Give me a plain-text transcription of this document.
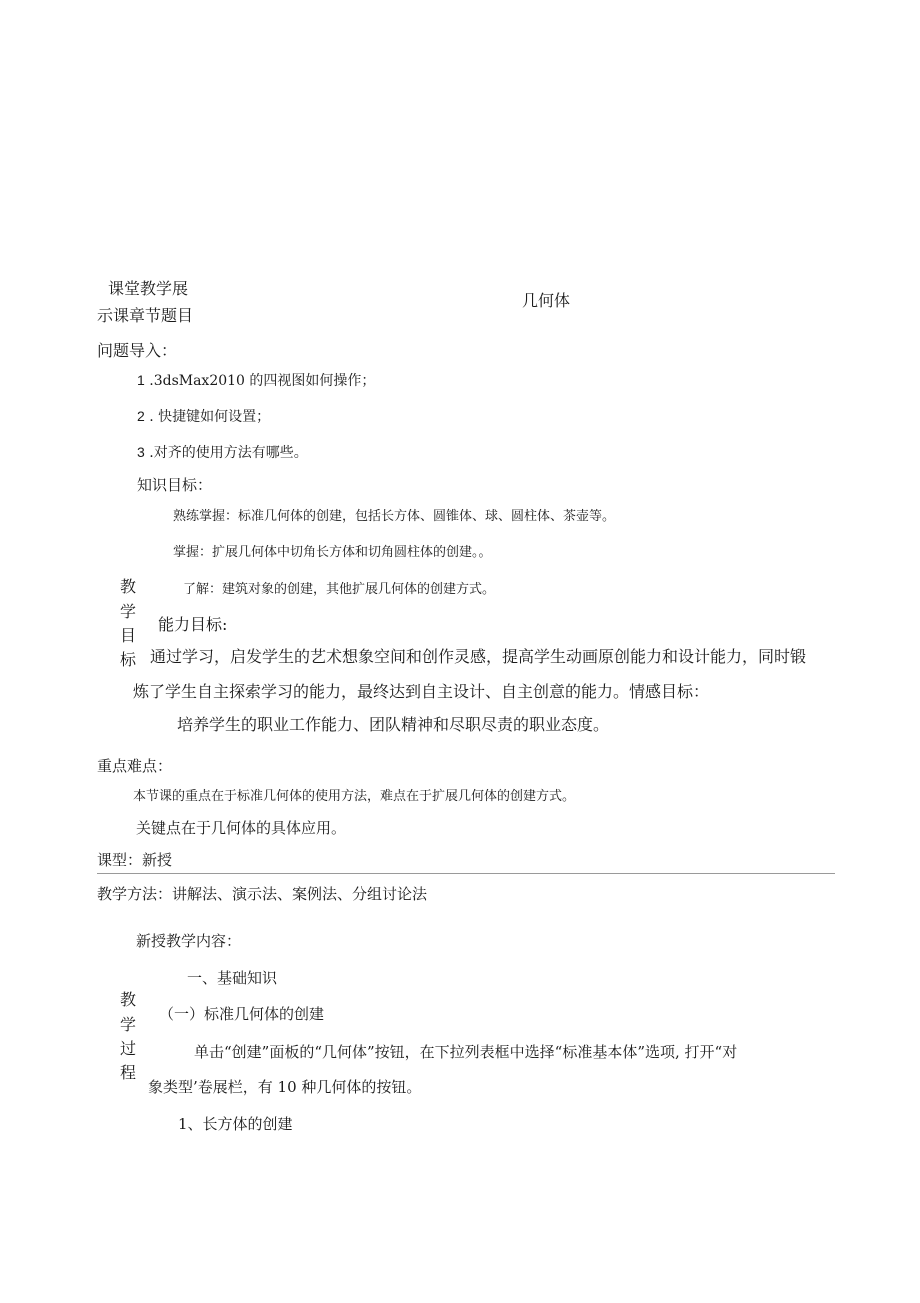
课堂教学展
示课章节题目
几何体
问题导入：
1 .3dsMax2010 的四视图如何操作；
2 . 快捷键如何设置；
3 .对齐的使用方法有哪些。
知识目标：
熟练掌握：标准几何体的创建，包括长方体、圆锥体、球、圆柱体、茶壶等。
掌握：扩展几何体中切角长方体和切角圆柱体的创建。。
了解：建筑对象的创建，其他扩展几何体的创建方式。
教
学
目
标
能力目标:
通过学习，启发学生的艺术想象空间和创作灵感，提高学生动画原创能力和设计能力，同时锻
炼了学生自主探索学习的能力，最终达到自主设计、自主创意的能力。情感目标：
培养学生的职业工作能力、团队精神和尽职尽责的职业态度。
重点难点：
本节课的重点在于标准几何体的使用方法，难点在于扩展几何体的创建方式。
关键点在于几何体的具体应用。
课型：新授
教学方法：讲解法、演示法、案例法、分组讨论法
新授教学内容：
一、基础知识
教
学
过
程
（一）标准几何体的创建
单击“创建”面板的“几何体”按钮，在下拉列表框中选择“标准基本体”选项, 打开“对
象类型’卷展栏，有 10 种几何体的按钮。
1、长方体的创建
